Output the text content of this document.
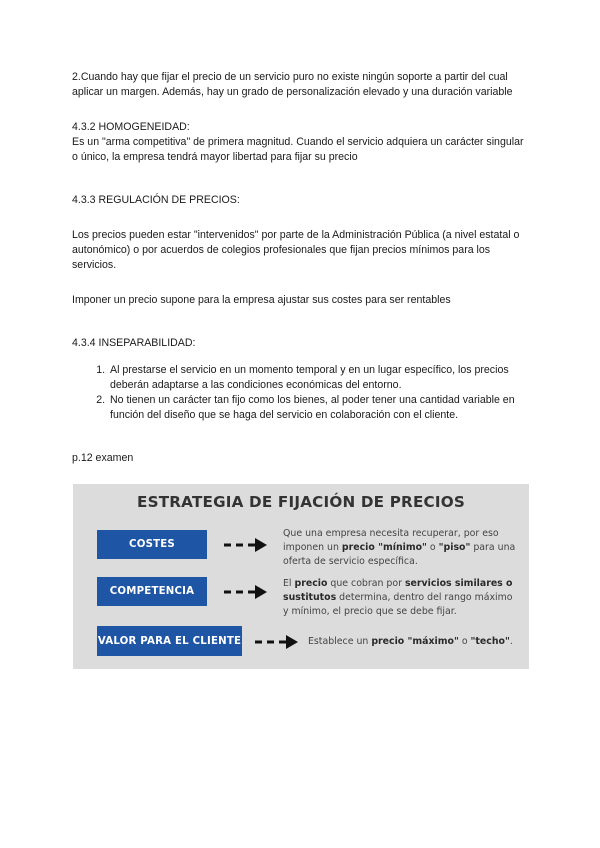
2.Cuando hay que fijar el precio de un servicio puro no existe ningún soporte a partir del cual aplicar un margen. Además, hay un grado de personalización elevado y una duración variable

4.3.2 HOMOGENEIDAD:

Es un "arma competitiva" de primera magnitud. Cuando el servicio adquiera un carácter singular o único, la empresa tendrá mayor libertad para fijar su precio

4.3.3 REGULACIÓN DE PRECIOS:

Los precios pueden estar "intervenidos" por parte de la Administración Pública (a nivel estatal o autonómico) o por acuerdos de colegios profesionales que fijan precios mínimos para los servicios.

Imponer un precio supone para la empresa ajustar sus costes para ser rentables

4.3.4 INSEPARABILIDAD:

1. Al prestarse el servicio en un momento temporal y en un lugar específico, los precios deberán adaptarse a las condiciones económicas del entorno.
2. No tienen un carácter tan fijo como los bienes, al poder tener una cantidad variable en función del diseño que se haga del servicio en colaboración con el cliente.

p.12 examen

ESTRATEGIA DE FIJACIÓN DE PRECIOS
COSTES
Que una empresa necesita recuperar, por eso imponen un precio "mínimo" o "piso" para una oferta de servicio específica.
COMPETENCIA
El precio que cobran por servicios similares o sustitutos determina, dentro del rango máximo y mínimo, el precio que se debe fijar.
VALOR PARA EL CLIENTE	Establece un precio "máximo" o "techo".
